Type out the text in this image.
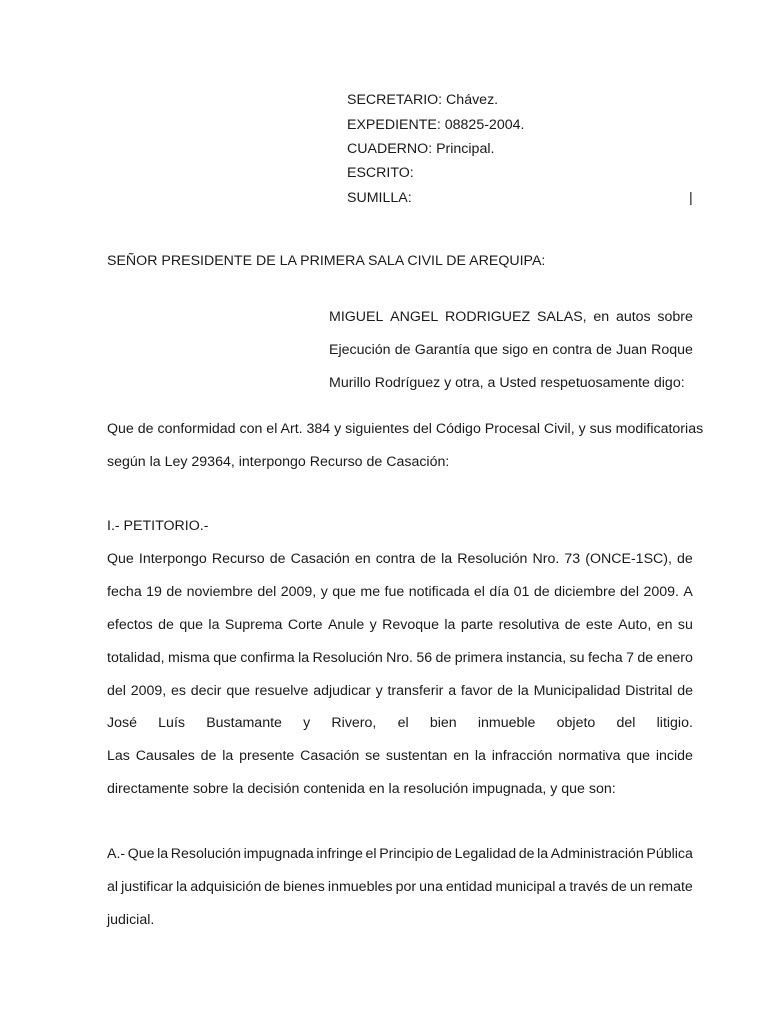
SECRETARIO: Chávez.
EXPEDIENTE: 08825-2004.
CUADERNO: Principal.
ESCRITO:
SUMILLA:	|
SEÑOR PRESIDENTE DE LA PRIMERA SALA CIVIL DE AREQUIPA:
MIGUEL ANGEL RODRIGUEZ SALAS, en autos sobre
Ejecución de Garantía que sigo en contra de Juan Roque
Murillo Rodríguez y otra, a Usted respetuosamente digo:
Que de conformidad con el Art. 384 y siguientes del Código Procesal Civil, y sus modificatorias
según la Ley 29364, interpongo Recurso de Casación:
I.- PETITORIO.-
Que Interpongo Recurso de Casación en contra de la Resolución Nro. 73 (ONCE-1SC), de
fecha 19 de noviembre del 2009, y que me fue notificada el día 01 de diciembre del 2009. A
efectos de que la Suprema Corte Anule y Revoque la parte resolutiva de este Auto, en su
totalidad, misma que confirma la Resolución Nro. 56 de primera instancia, su fecha 7 de enero
del 2009, es decir que resuelve adjudicar y transferir a favor de la Municipalidad Distrital de
José Luís Bustamante y Rivero, el bien inmueble objeto del litigio.
Las Causales de la presente Casación se sustentan en la infracción normativa que incide
directamente sobre la decisión contenida en la resolución impugnada, y que son:
A.- Que la Resolución impugnada infringe el Principio de Legalidad de la Administración Pública
al justificar la adquisición de bienes inmuebles por una entidad municipal a través de un remate
judicial.
